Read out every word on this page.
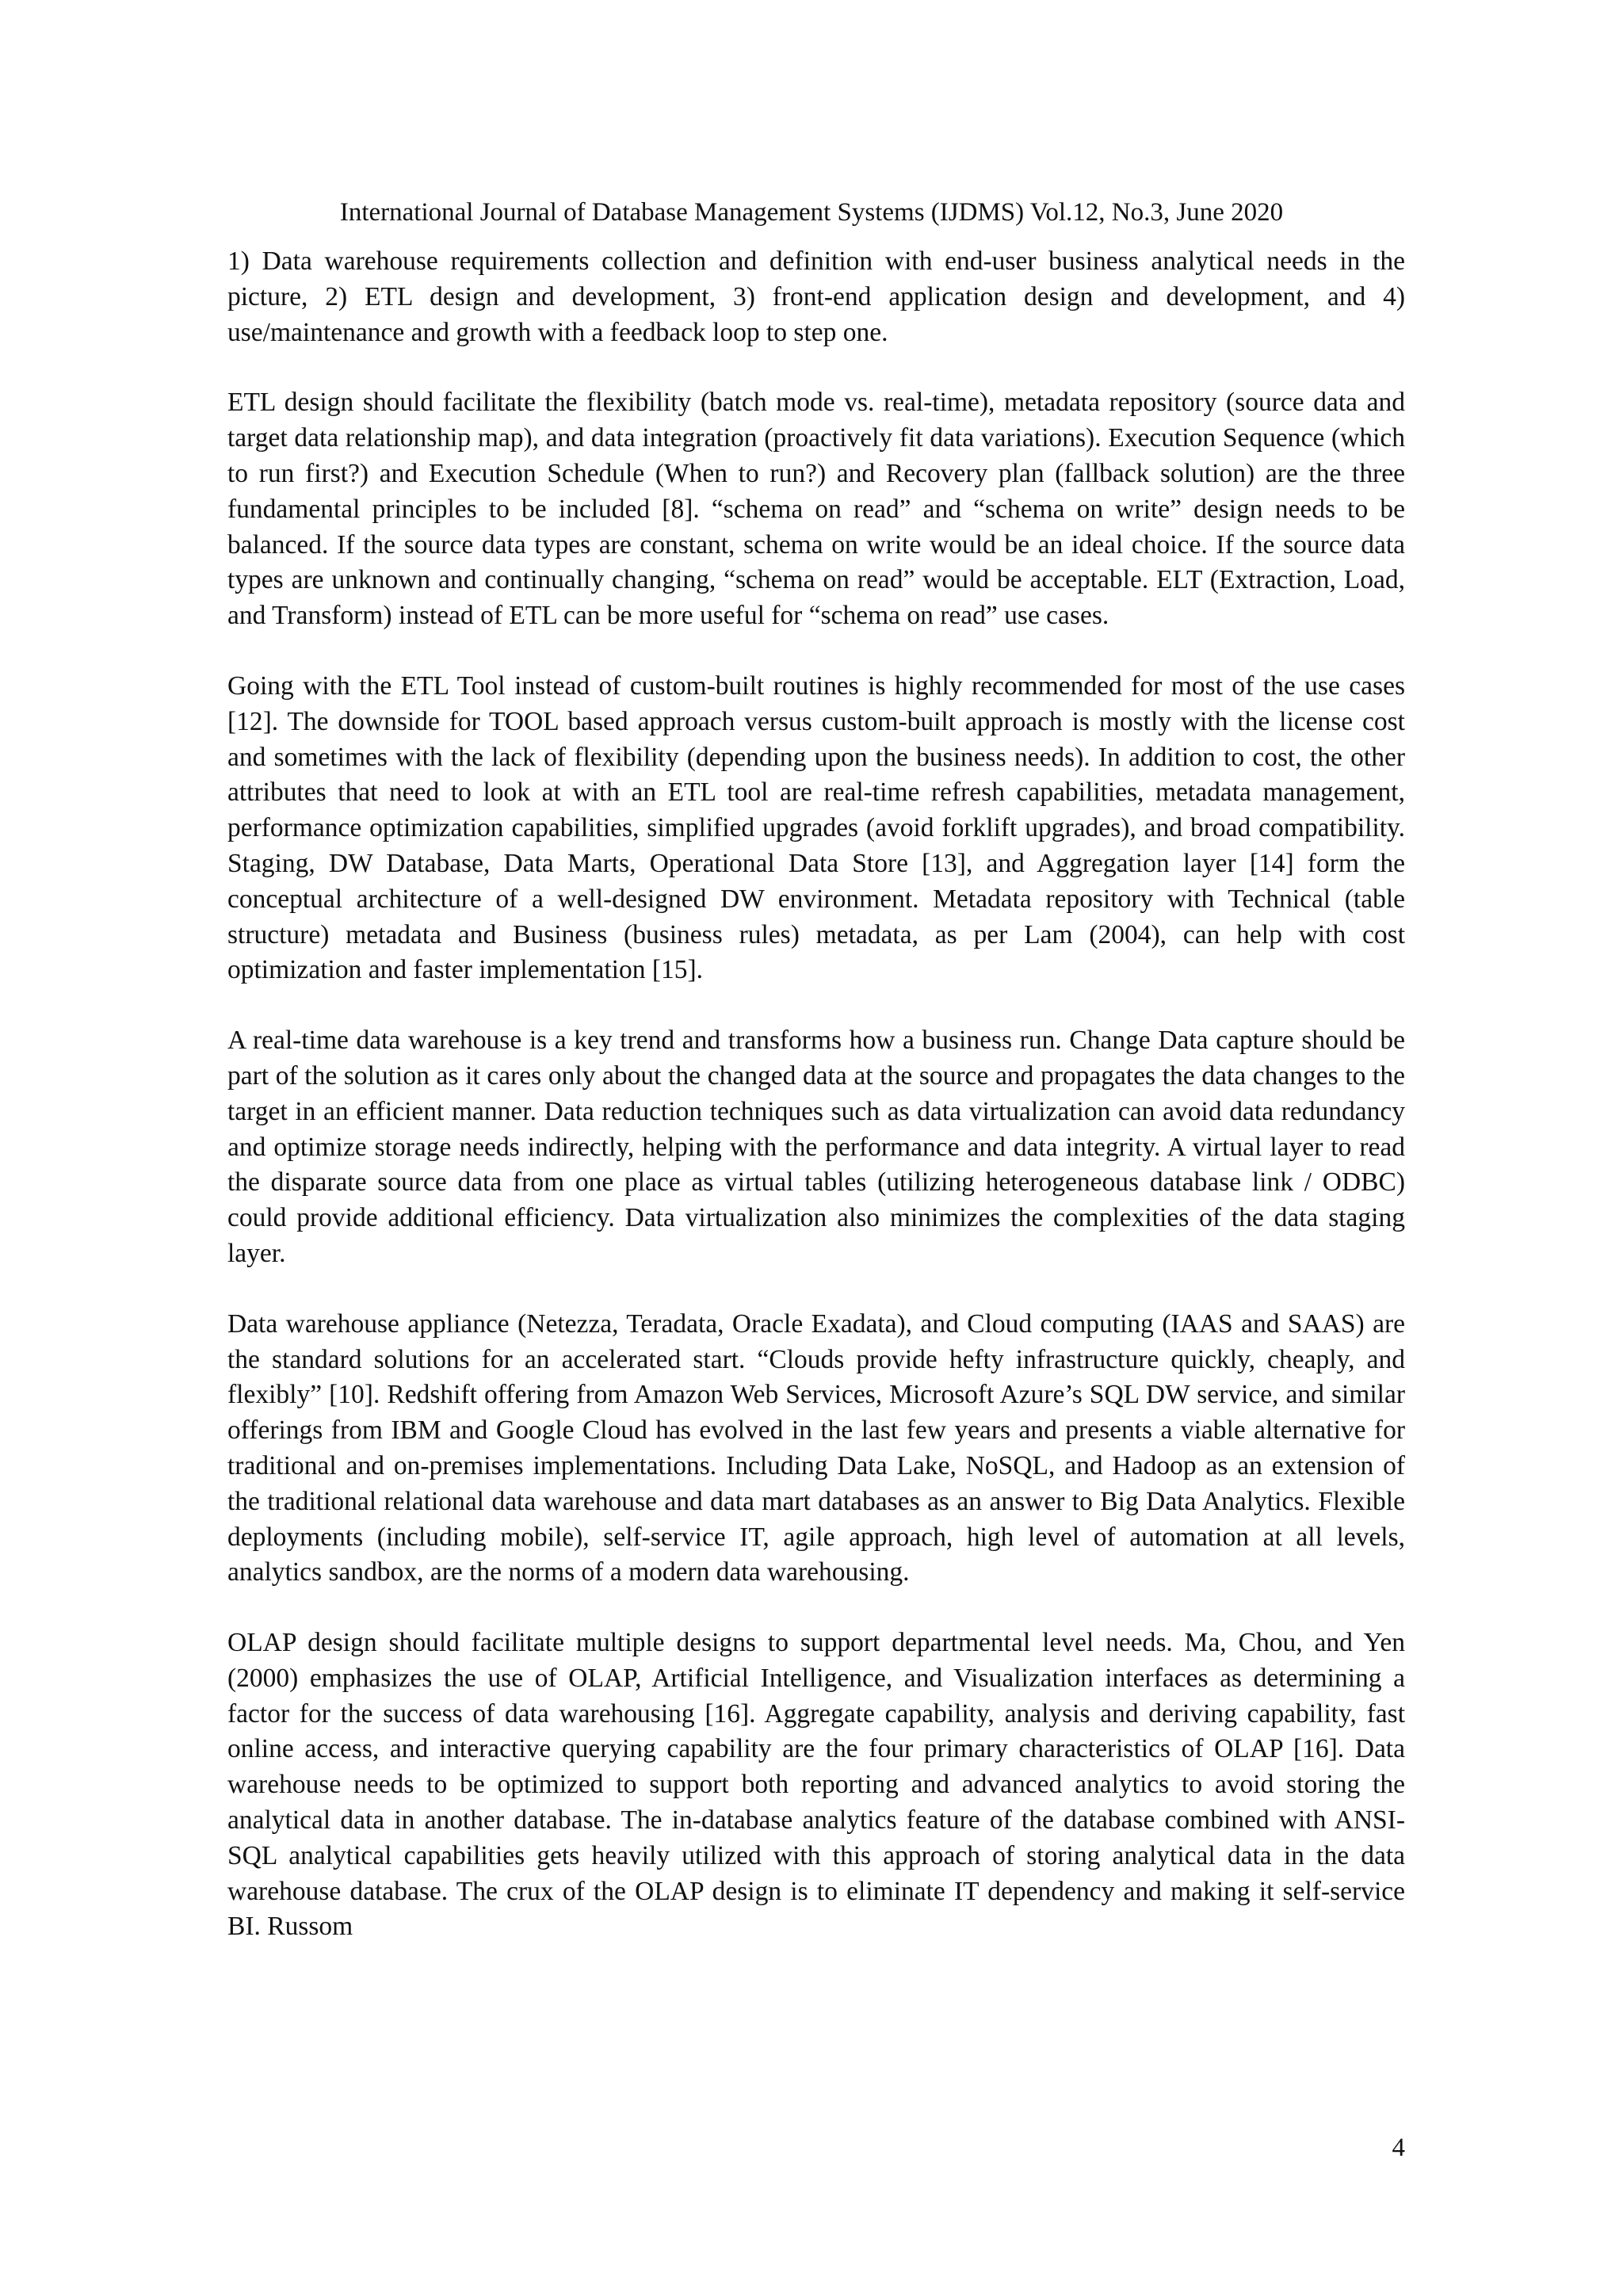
International Journal of Database Management Systems (IJDMS) Vol.12, No.3, June 2020

1) Data warehouse requirements collection and definition with end-user business analytical needs in the picture, 2) ETL design and development, 3) front-end application design and development, and 4) use/maintenance and growth with a feedback loop to step one.

ETL design should facilitate the flexibility (batch mode vs. real-time), metadata repository (source data and target data relationship map), and data integration (proactively fit data variations). Execution Sequence (which to run first?) and Execution Schedule (When to run?) and Recovery plan (fallback solution) are the three fundamental principles to be included [8]. “schema on read” and “schema on write” design needs to be balanced. If the source data types are constant, schema on write would be an ideal choice. If the source data types are unknown and continually changing, “schema on read” would be acceptable. ELT (Extraction, Load, and Transform) instead of ETL can be more useful for “schema on read” use cases.

Going with the ETL Tool instead of custom-built routines is highly recommended for most of the use cases [12]. The downside for TOOL based approach versus custom-built approach is mostly with the license cost and sometimes with the lack of flexibility (depending upon the business needs). In addition to cost, the other attributes that need to look at with an ETL tool are real-time refresh capabilities, metadata management, performance optimization capabilities, simplified upgrades (avoid forklift upgrades), and broad compatibility. Staging, DW Database, Data Marts, Operational Data Store [13], and Aggregation layer [14] form the conceptual architecture of a well-designed DW environment. Metadata repository with Technical (table structure) metadata and Business (business rules) metadata, as per Lam (2004), can help with cost optimization and faster implementation [15].

A real-time data warehouse is a key trend and transforms how a business run. Change Data capture should be part of the solution as it cares only about the changed data at the source and propagates the data changes to the target in an efficient manner. Data reduction techniques such as data virtualization can avoid data redundancy and optimize storage needs indirectly, helping with the performance and data integrity. A virtual layer to read the disparate source data from one place as virtual tables (utilizing heterogeneous database link / ODBC) could provide additional efficiency. Data virtualization also minimizes the complexities of the data staging layer.

Data warehouse appliance (Netezza, Teradata, Oracle Exadata), and Cloud computing (IAAS and SAAS) are the standard solutions for an accelerated start. “Clouds provide hefty infrastructure quickly, cheaply, and flexibly” [10]. Redshift offering from Amazon Web Services, Microsoft Azure’s SQL DW service, and similar offerings from IBM and Google Cloud has evolved in the last few years and presents a viable alternative for traditional and on-premises implementations. Including Data Lake, NoSQL, and Hadoop as an extension of the traditional relational data warehouse and data mart databases as an answer to Big Data Analytics. Flexible deployments (including mobile), self-service IT, agile approach, high level of automation at all levels, analytics sandbox, are the norms of a modern data warehousing.

OLAP design should facilitate multiple designs to support departmental level needs. Ma, Chou, and Yen (2000) emphasizes the use of OLAP, Artificial Intelligence, and Visualization interfaces as determining a factor for the success of data warehousing [16]. Aggregate capability, analysis and deriving capability, fast online access, and interactive querying capability are the four primary characteristics of OLAP [16]. Data warehouse needs to be optimized to support both reporting and advanced analytics to avoid storing the analytical data in another database. The in-database analytics feature of the database combined with ANSI-SQL analytical capabilities gets heavily utilized with this approach of storing analytical data in the data warehouse database. The crux of the OLAP design is to eliminate IT dependency and making it self-service BI. Russom

4
